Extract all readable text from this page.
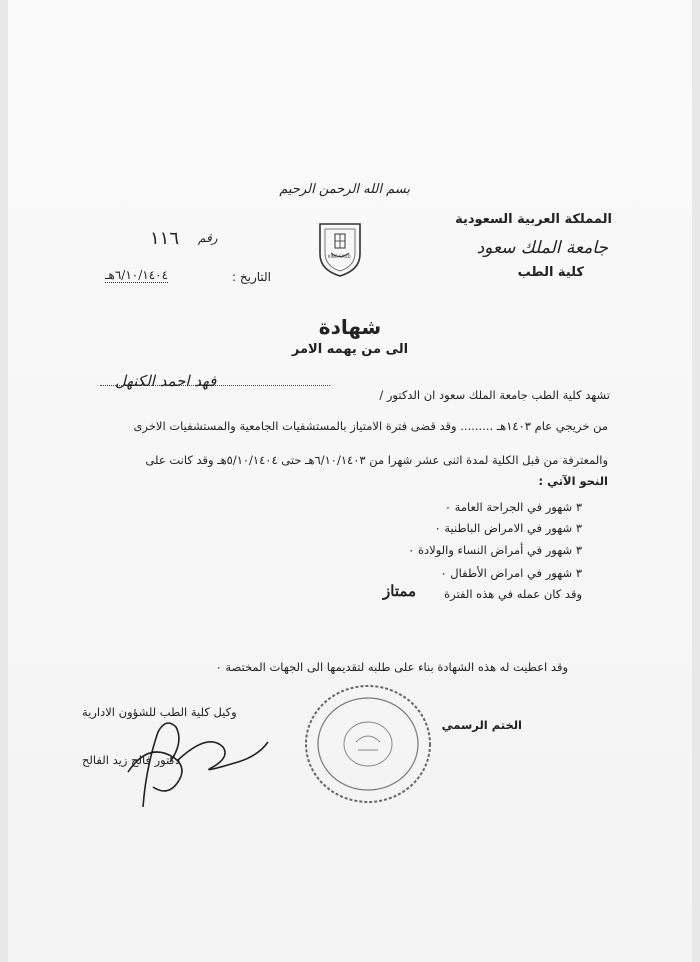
بسم الله الرحمن الرحيم
المملكة العربية السعودية
جامعة الملك سعود
كلية الطب
KING SAUD
رقم
١١٦
التاريخ :
٦/١٠/١٤٠٤هـ
شهادة
الى من يهمه الامر
فهد احمد الكنهل
تشهد كلية الطب جامعة الملك سعود ان الدكتور /
من خريجي عام ١٤٠٣هـ ......... وقد قضى فترة الامتياز بالمستشفيات الجامعية والمستشفيات الاخرى
والمعترفة من قبل الكلية لمدة اثنى عشر شهرا من ٦/١٠/١٤٠٣هـ حتى ٥/١٠/١٤٠٤هـ وقد كانت على
النحو الآتي :
٣ شهور في الجراحة العامة ٠
٣ شهور في الامراض الباطنية ٠
٣ شهور في أمراض النساء والولادة ٠
٣ شهور في امراض الأطفال ٠
وقد كان عمله في هذه الفترة
ممتاز
وقد اعطيت له هذه الشهادة بناء على طلبه لتقديمها الى الجهات المختصة ٠
الختم الرسمي
وكيل كلية الطب للشؤون الادارية
دكتور فالح زيد الفالح
